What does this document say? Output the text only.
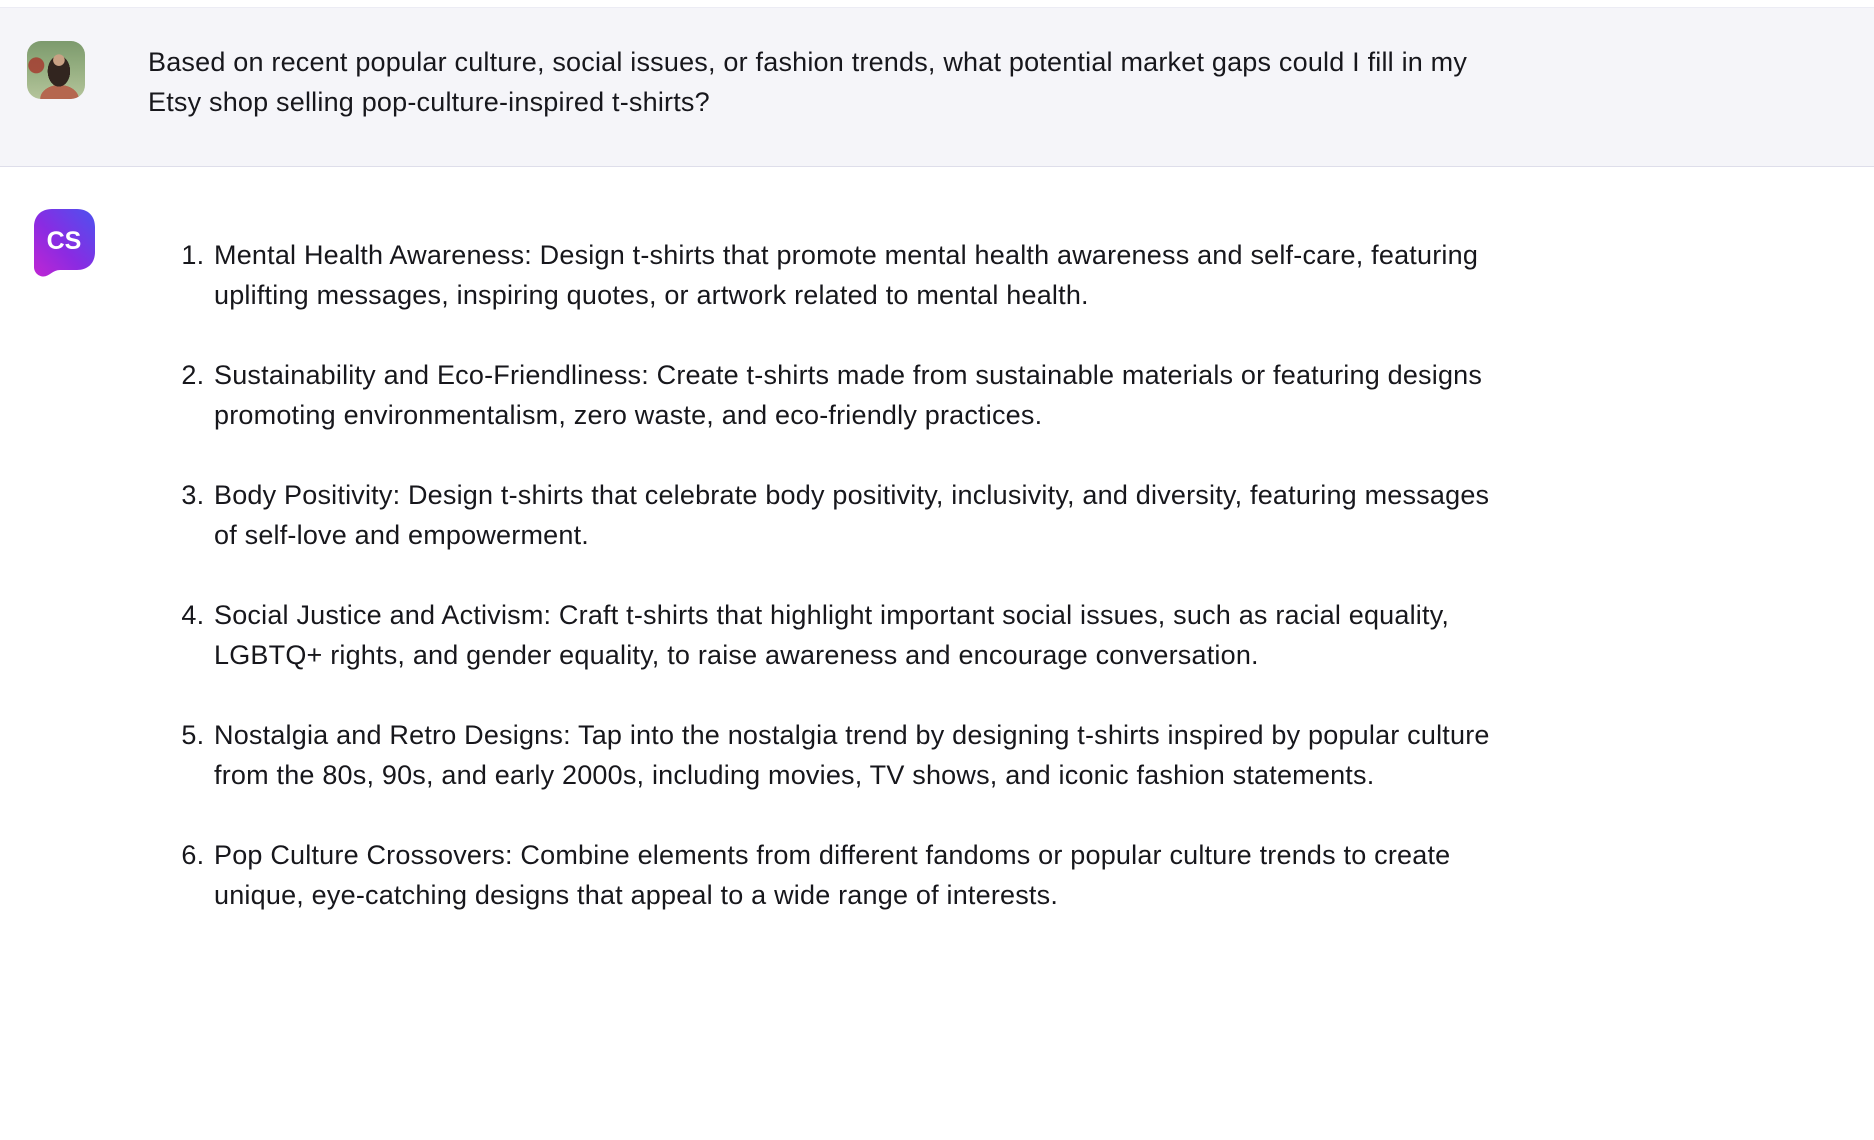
Based on recent popular culture, social issues, or fashion trends, what potential market gaps could I fill in my Etsy shop selling pop-culture-inspired t-shirts?

CS	1. Mental Health Awareness: Design t-shirts that promote mental health awareness and self-care, featuring uplifting messages, inspiring quotes, or artwork related to mental health.
2. Sustainability and Eco-Friendliness: Create t-shirts made from sustainable materials or featuring designs promoting environmentalism, zero waste, and eco-friendly practices.
3. Body Positivity: Design t-shirts that celebrate body positivity, inclusivity, and diversity, featuring messages of self-love and empowerment.
4. Social Justice and Activism: Craft t-shirts that highlight important social issues, such as racial equality, LGBTQ+ rights, and gender equality, to raise awareness and encourage conversation.
5. Nostalgia and Retro Designs: Tap into the nostalgia trend by designing t-shirts inspired by popular culture from the 80s, 90s, and early 2000s, including movies, TV shows, and iconic fashion statements.
6. Pop Culture Crossovers: Combine elements from different fandoms or popular culture trends to create unique, eye-catching designs that appeal to a wide range of interests.
